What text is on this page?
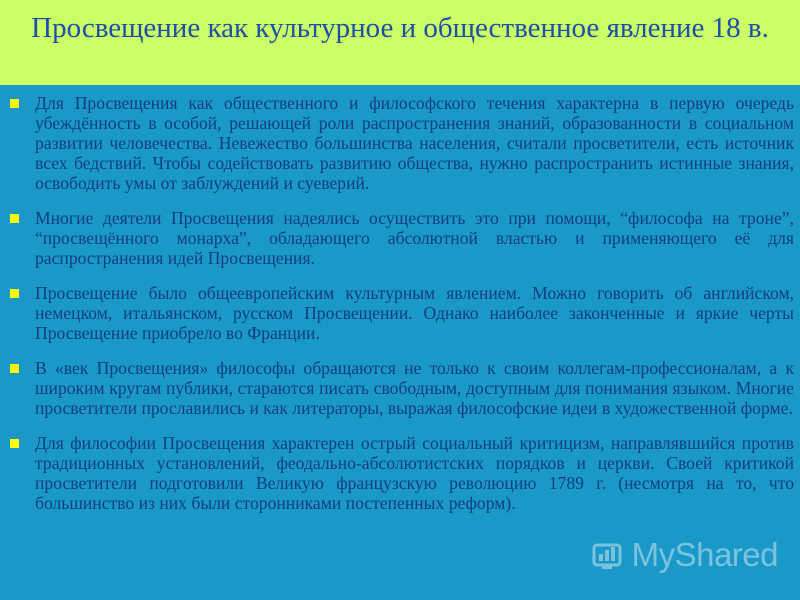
Просвещение как культурное и общественное явление 18 в.
Для Просвещения как общественного и философского течения характерна в первую очередь убеждённость в особой, решающей роли распространения знаний, образованности в социальном развитии человечества. Невежество большинства населения, считали просветители, есть источник всех бедствий. Чтобы содействовать развитию общества, нужно распространить истинные знания, освободить умы от заблуждений и суеверий.
Многие деятели Просвещения надеялись осуществить это при помощи, “философа на троне”, “просвещённого монарха”, обладающего абсолютной властью и применяющего её для распространения идей Просвещения.
Просвещение было общеевропейским культурным явлением. Можно говорить об английском, немецком, итальянском, русском Просвещении. Однако наиболее законченные и яркие черты Просвещение приобрело во Франции.
В «век Просвещения» философы обращаются не только к своим коллегам-профессионалам, а к широким кругам публики, стараются писать свободным, доступным для понимания языком. Многие просветители прославились и как литераторы, выражая философские идеи в художественной форме.
Для философии Просвещения характерен острый социальный критицизм, направлявшийся против традиционных установлений, феодально-абсолютистских порядков и церкви. Своей критикой просветители подготовили Великую французскую революцию 1789 г. (несмотря на то, что большинство из них были сторонниками постепенных реформ).
MyShared
